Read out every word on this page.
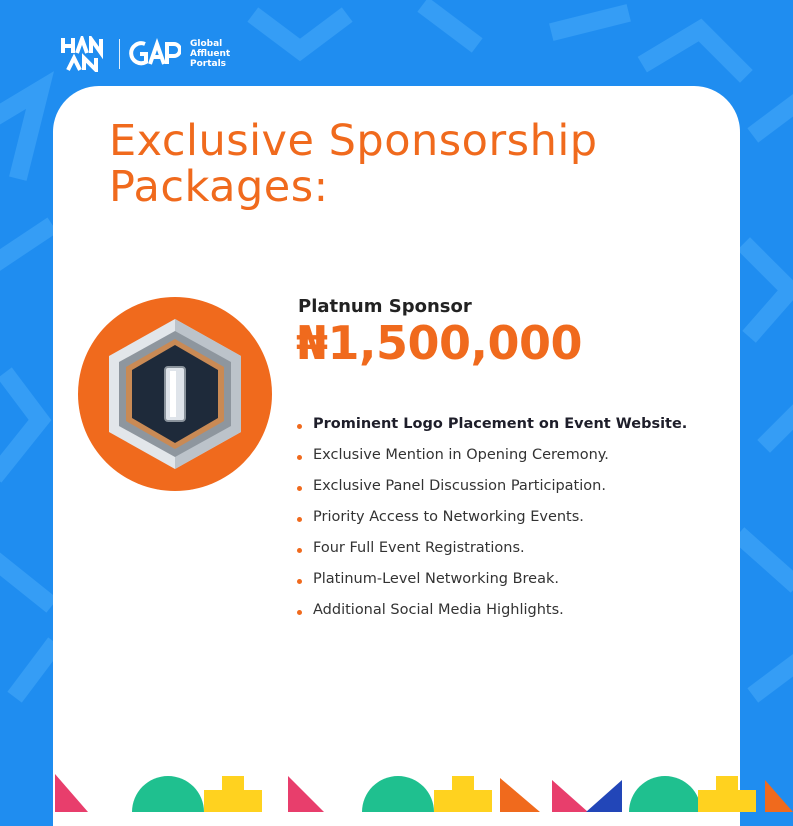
Global
Affluent
Portals
Exclusive Sponsorship
Packages:
Platnum Sponsor
₦1,500,000
Prominent Logo Placement on Event Website.
Exclusive Mention in Opening Ceremony.
Exclusive Panel Discussion Participation.
Priority Access to Networking Events.
Four Full Event Registrations.
Platinum-Level Networking Break.
Additional Social Media Highlights.
